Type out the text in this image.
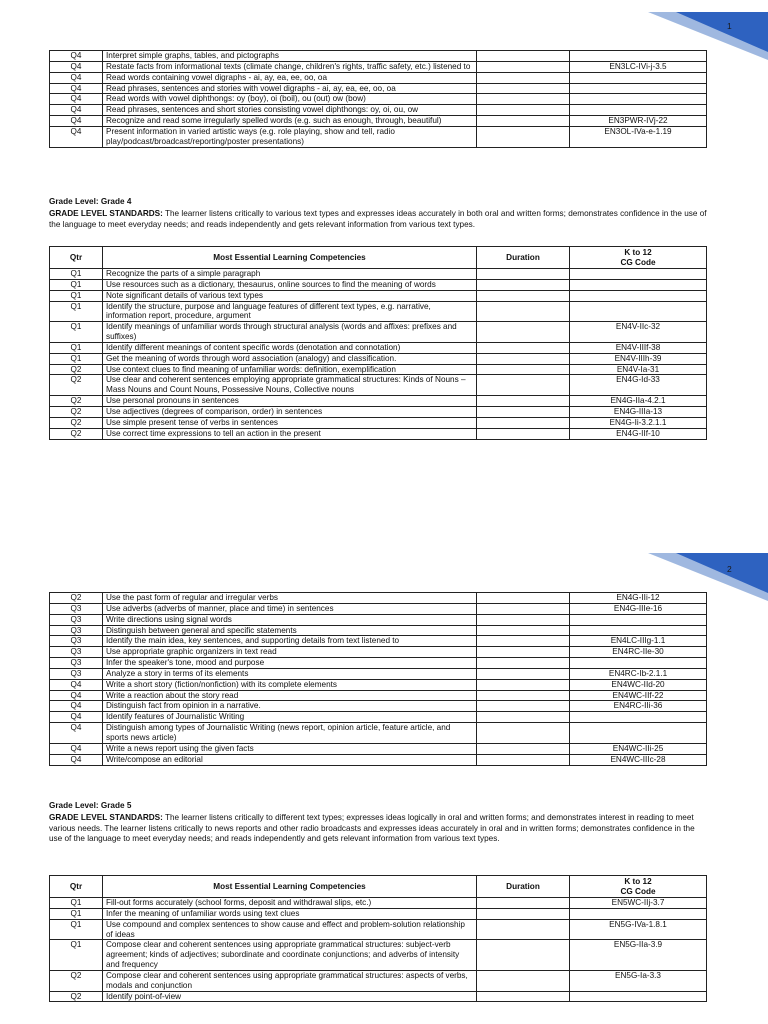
1
Q4	Interpret simple graphs, tables, and pictographs		
Q4	Restate facts from informational texts (climate change, children's rights, traffic safety, etc.) listened to		EN3LC-IVi-j-3.5
Q4	Read words containing vowel digraphs - ai, ay, ea, ee, oo, oa		
Q4	Read phrases, sentences and stories with vowel digraphs - ai, ay, ea, ee, oo, oa		
Q4	Read words with vowel diphthongs: oy (boy), oi (boil), ou (out) ow (bow)		
Q4	Read phrases, sentences and short stories consisting vowel diphthongs: oy, oi, ou, ow		
Q4	Recognize and read some irregularly spelled words (e.g. such as enough, through, beautiful)		EN3PWR-IVj-22
Q4	Present information in varied artistic ways (e.g. role playing, show and tell, radio play/podcast/broadcast/reporting/poster presentations)		EN3OL-IVa-e-1.19
Grade Level: Grade 4
GRADE LEVEL STANDARDS: The learner listens critically to various text types and expresses ideas accurately in both oral and written forms; demonstrates confidence in the use of the language to meet everyday needs; and reads independently and gets relevant information from various text types.
Qtr	Most Essential Learning Competencies	Duration	K to 12
CG Code
Q1	Recognize the parts of a simple paragraph		
Q1	Use resources such as a dictionary, thesaurus, online sources to find the meaning of words		
Q1	Note significant details of various text types		
Q1	Identify the structure, purpose and language features of different text types, e.g. narrative, information report, procedure, argument		
Q1	Identify meanings of unfamiliar words through structural analysis (words and affixes: prefixes and suffixes)		EN4V-IIc-32
Q1	Identify different meanings of content specific words (denotation and connotation)		EN4V-IIIf-38
Q1	Get the meaning of words through word association (analogy) and classification.		EN4V-IIIh-39
Q2	Use context clues to find meaning of unfamiliar words: definition, exemplification		EN4V-Ia-31
Q2	Use clear and coherent sentences employing appropriate grammatical structures: Kinds of Nouns – Mass Nouns and Count Nouns, Possessive Nouns, Collective nouns		EN4G-Id-33
Q2	Use personal pronouns in sentences		EN4G-IIa-4.2.1
Q2	Use adjectives (degrees of comparison, order) in sentences		EN4G-IIIa-13
Q2	Use simple present tense of verbs in sentences		EN4G-Ii-3.2.1.1
Q2	Use correct time expressions to tell an action in the present		EN4G-IIf-10
2
Q2	Use the past form of regular and irregular verbs		EN4G-IIi-12
Q3	Use adverbs (adverbs of manner, place and time) in sentences		EN4G-IIIe-16
Q3	Write directions using signal words		
Q3	Distinguish between general and specific statements		
Q3	Identify the main idea, key sentences, and supporting details from text listened to		EN4LC-IIIg-1.1
Q3	Use appropriate graphic organizers in text read		EN4RC-IIe-30
Q3	Infer the speaker's tone, mood and purpose		
Q3	Analyze a story in terms of its elements		EN4RC-Ib-2.1.1
Q4	Write a short story (fiction/nonfiction) with its complete elements		EN4WC-IId-20
Q4	Write a reaction about the story read		EN4WC-IIf-22
Q4	Distinguish fact from opinion in a narrative.		EN4RC-IIi-36
Q4	Identify features of Journalistic Writing		
Q4	Distinguish among types of Journalistic Writing (news report, opinion article, feature article, and sports news article)		
Q4	Write a news report using the given facts		EN4WC-IIi-25
Q4	Write/compose an editorial		EN4WC-IIIc-28
Grade Level: Grade 5
GRADE LEVEL STANDARDS: The learner listens critically to different text types; expresses ideas logically in oral and written forms; and demonstrates interest in reading to meet various needs. The learner listens critically to news reports and other radio broadcasts and expresses ideas accurately in oral and in written forms; demonstrates confidence in the use of the language to meet everyday needs; and reads independently and gets relevant information from various text types.
Qtr	Most Essential Learning Competencies	Duration	K to 12
CG Code
Q1	Fill-out forms accurately (school forms, deposit and withdrawal slips, etc.)		EN5WC-IIj-3.7
Q1	Infer the meaning of unfamiliar words using text clues		
Q1	Use compound and complex sentences to show cause and effect and problem-solution relationship of ideas		EN5G-IVa-1.8.1
Q1	Compose clear and coherent sentences using appropriate grammatical structures: subject-verb agreement; kinds of adjectives; subordinate and coordinate conjunctions; and adverbs of intensity and frequency		EN5G-IIa-3.9
Q2	Compose clear and coherent sentences using appropriate grammatical structures: aspects of verbs, modals and conjunction		EN5G-Ia-3.3
Q2	Identify point-of-view		
